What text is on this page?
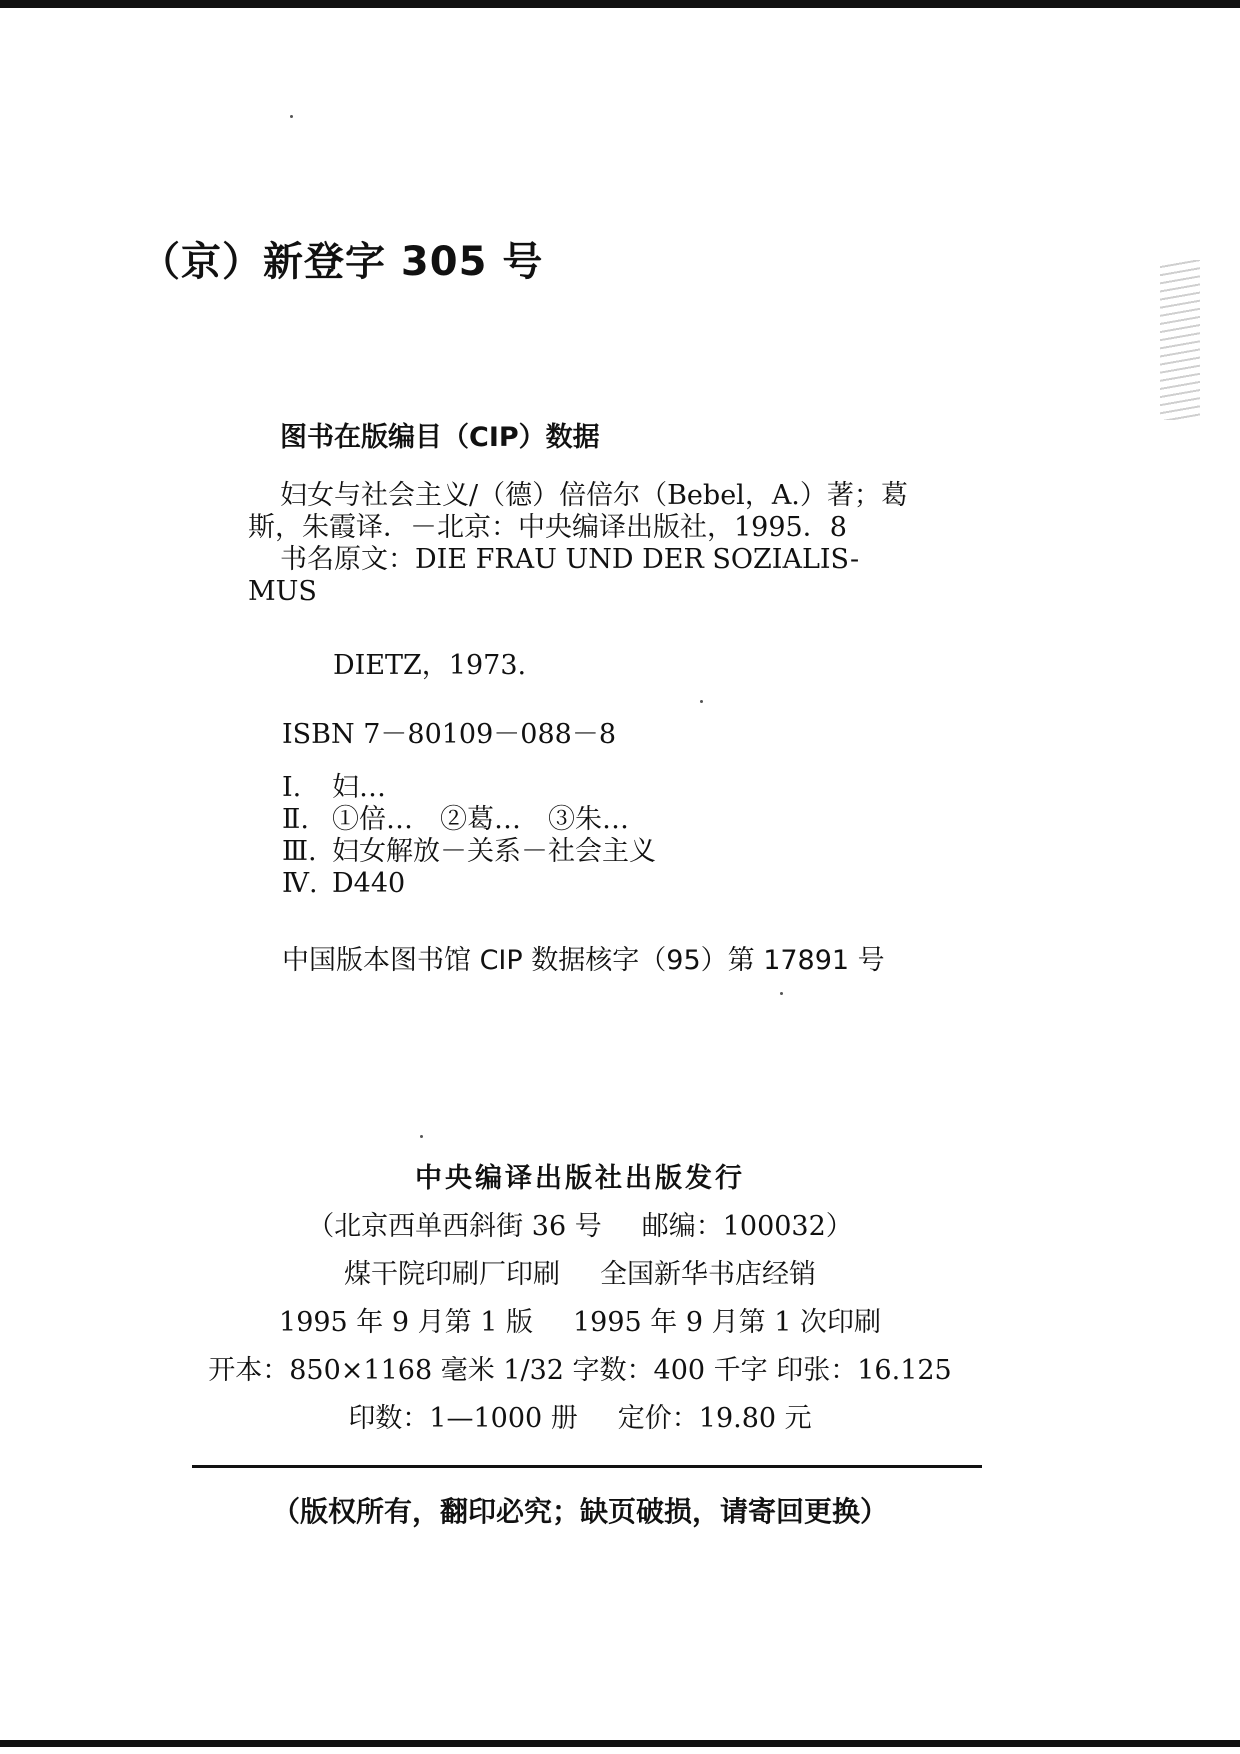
（京）新登字 305 号
图书在版编目（CIP）数据
妇女与社会主义/（德）倍倍尔（Bebel，A.）著；葛
斯，朱霞译．－北京：中央编译出版社，1995．8
书名原文：DIE FRAU UND DER SOZIALIS-
MUS
DIETZ，1973.
ISBN 7－80109－088－8
Ⅰ. 妇…
Ⅱ. ①倍…　②葛…　③朱…
Ⅲ. 妇女解放－关系－社会主义
Ⅳ. D440
中国版本图书馆 CIP 数据核字（95）第 17891 号
中央编译出版社出版发行
（北京西单西斜街 36 号 邮编：100032）
煤干院印刷厂印刷 全国新华书店经销
1995 年 9 月第 1 版 1995 年 9 月第 1 次印刷
开本：850×1168 毫米 1/32 字数：400 千字 印张：16.125
印数：1—1000 册 定价：19.80 元
（版权所有，翻印必究；缺页破损，请寄回更换）
